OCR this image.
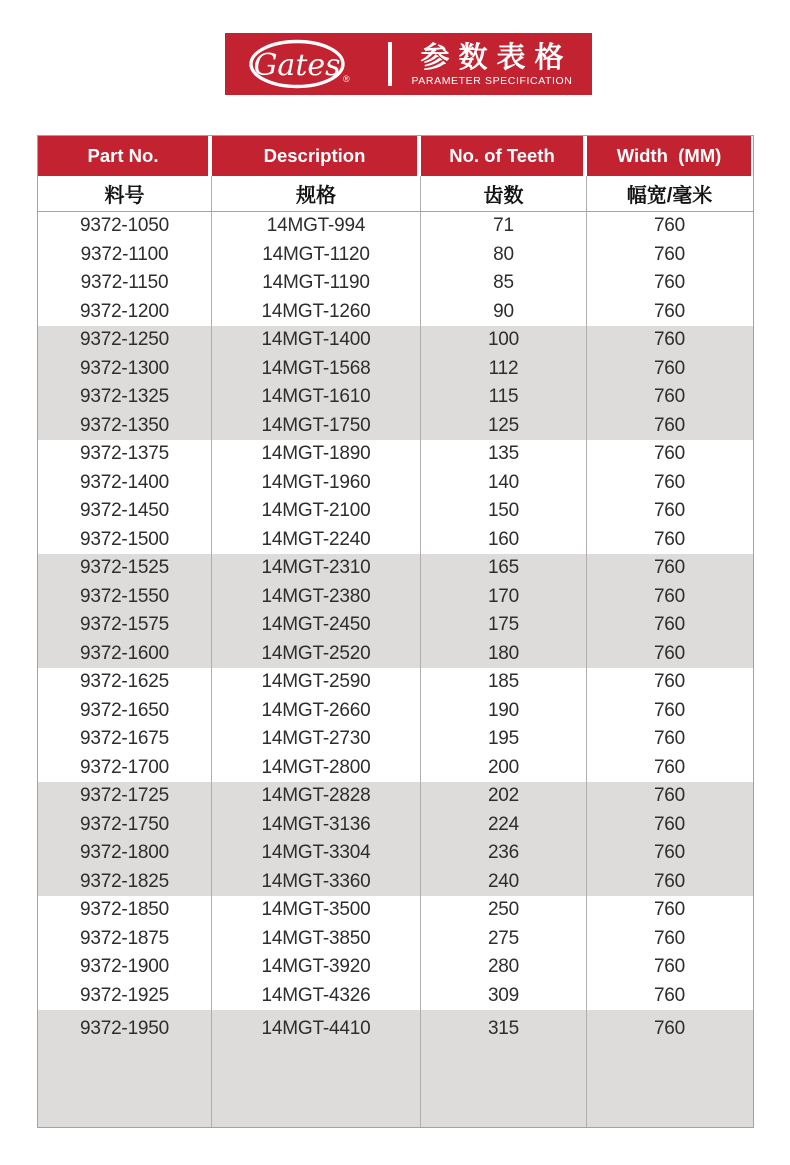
Gates ®
参数表格
PARAMETER SPECIFICATION
Part No.	Description	No. of Teeth	Width  (MM)
料号	规格	齿数	幅宽/毫米
9372-1050	14MGT-994	71	760
9372-1100	14MGT-1120	80	760
9372-1150	14MGT-1190	85	760
9372-1200	14MGT-1260	90	760
9372-1250	14MGT-1400	100	760
9372-1300	14MGT-1568	112	760
9372-1325	14MGT-1610	115	760
9372-1350	14MGT-1750	125	760
9372-1375	14MGT-1890	135	760
9372-1400	14MGT-1960	140	760
9372-1450	14MGT-2100	150	760
9372-1500	14MGT-2240	160	760
9372-1525	14MGT-2310	165	760
9372-1550	14MGT-2380	170	760
9372-1575	14MGT-2450	175	760
9372-1600	14MGT-2520	180	760
9372-1625	14MGT-2590	185	760
9372-1650	14MGT-2660	190	760
9372-1675	14MGT-2730	195	760
9372-1700	14MGT-2800	200	760
9372-1725	14MGT-2828	202	760
9372-1750	14MGT-3136	224	760
9372-1800	14MGT-3304	236	760
9372-1825	14MGT-3360	240	760
9372-1850	14MGT-3500	250	760
9372-1875	14MGT-3850	275	760
9372-1900	14MGT-3920	280	760
9372-1925	14MGT-4326	309	760
9372-1950	14MGT-4410	315	760
